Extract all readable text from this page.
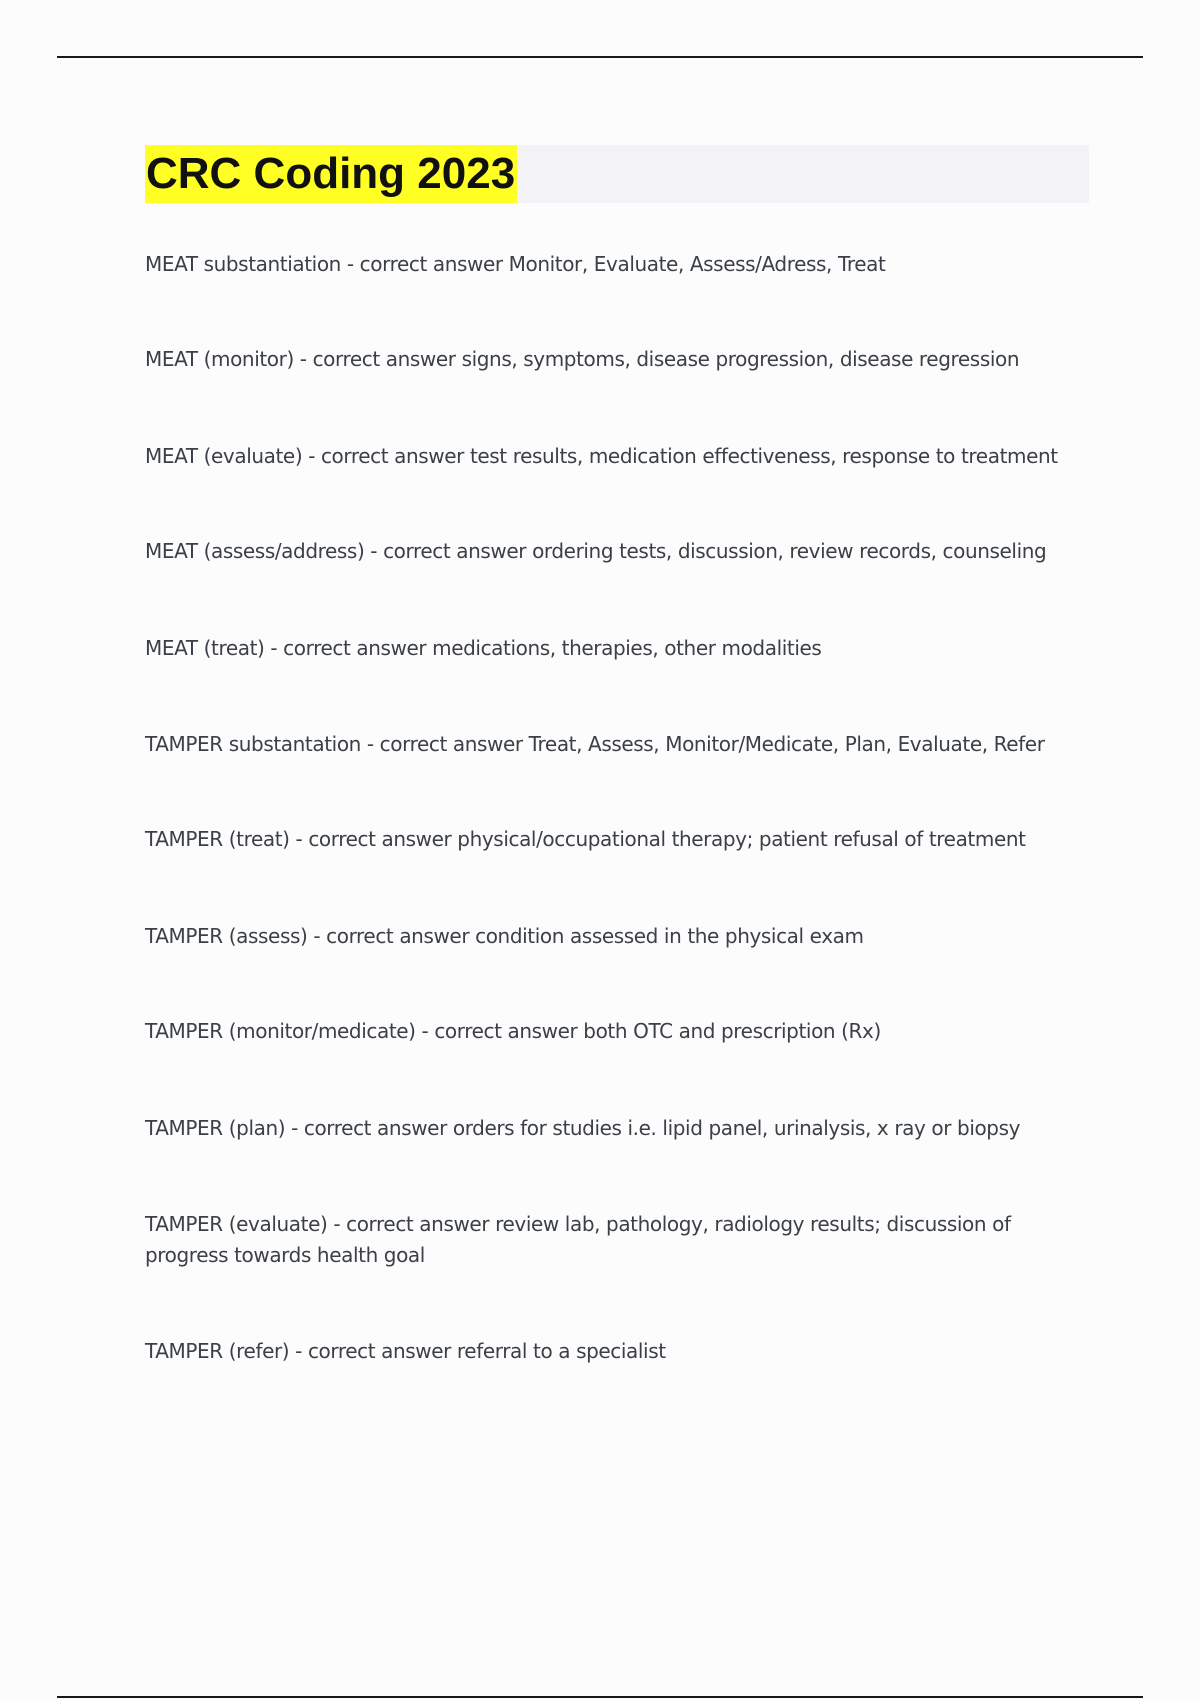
CRC Coding 2023

MEAT substantiation - correct answer Monitor, Evaluate, Assess/Adress, Treat

MEAT (monitor) - correct answer signs, symptoms, disease progression, disease regression

MEAT (evaluate) - correct answer test results, medication effectiveness, response to treatment

MEAT (assess/address) - correct answer ordering tests, discussion, review records, counseling

MEAT (treat) - correct answer medications, therapies, other modalities

TAMPER substantation - correct answer Treat, Assess, Monitor/Medicate, Plan, Evaluate, Refer

TAMPER (treat) - correct answer physical/occupational therapy; patient refusal of treatment

TAMPER (assess) - correct answer condition assessed in the physical exam

TAMPER (monitor/medicate) - correct answer both OTC and prescription (Rx)

TAMPER (plan) - correct answer orders for studies i.e. lipid panel, urinalysis, x ray or biopsy

TAMPER (evaluate) - correct answer review lab, pathology, radiology results; discussion of progress towards health goal

TAMPER (refer) - correct answer referral to a specialist
